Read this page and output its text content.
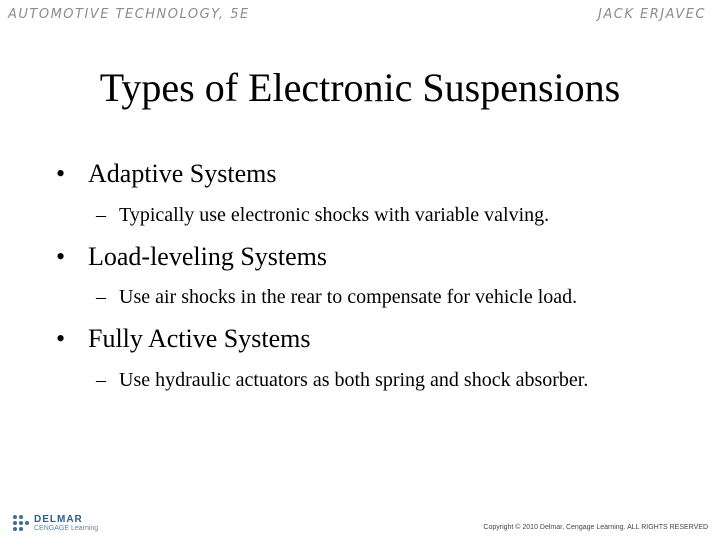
AUTOMOTIVE TECHNOLOGY, 5E	JACK ERJAVEC
Types of Electronic Suspensions
• Adaptive Systems
– Typically use electronic shocks with variable valving.
• Load-leveling Systems
– Use air shocks in the rear to compensate for vehicle load.
• Fully Active Systems
– Use hydraulic actuators as both spring and shock absorber.
DELMAR
CENGAGE Learning	Copyright © 2010 Delmar, Cengage Learning. ALL RIGHTS RESERVED
